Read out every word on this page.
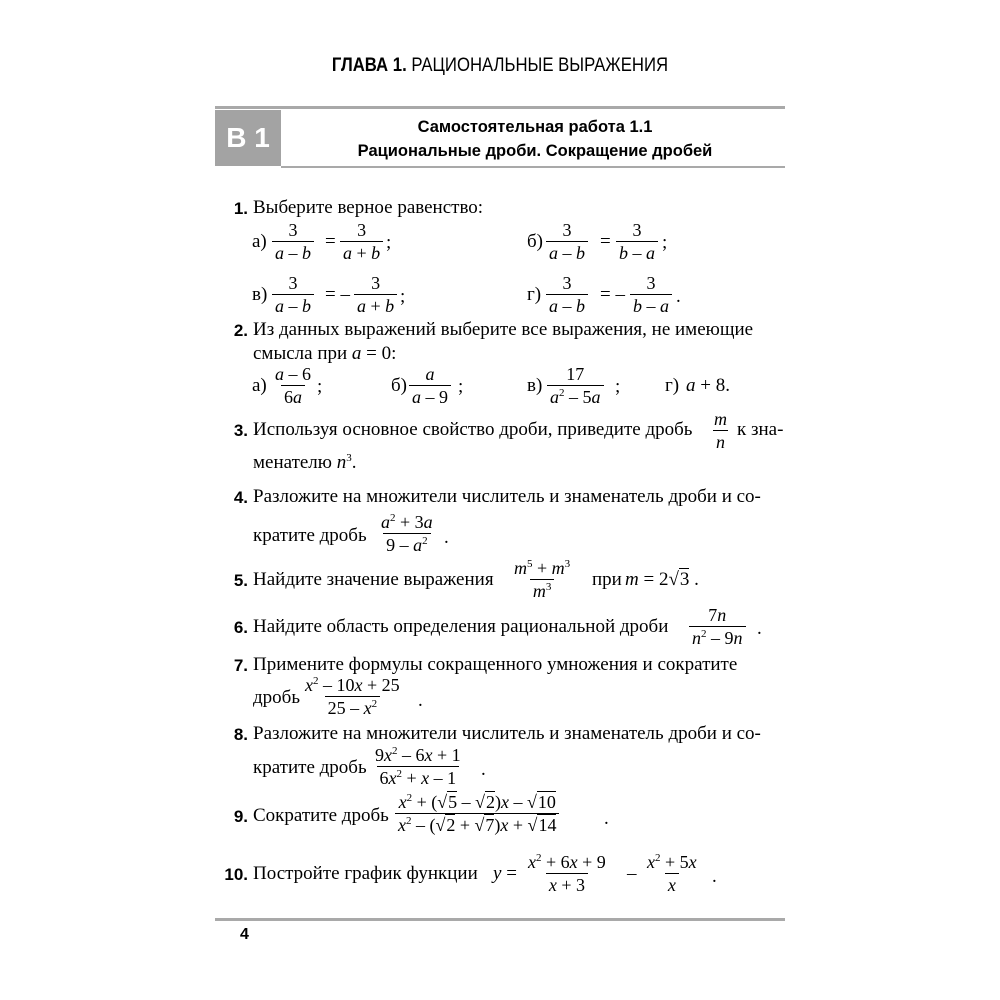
ГЛАВА 1. РАЦИОНАЛЬНЫЕ ВЫРАЖЕНИЯ
В 1	Самостоятельная работа 1.1
Рациональные дроби. Сокращение дробей
1. Выберите верное равенство:
а)
3
a – b
=
3
a + b ;	б)
3
a – b
=
3
b – a ;
в)
3
a – b
= –
3
a + b ;	г)
3
a – b
= –
3
b – a .
2. Из данных выражений выберите все выражения, не имеющие
смысла при a = 0:
а)
a – 6
6a ;	б)
a
a – 9 ;	в)
17
$a^2 - 5a$ ; г) a + 8.
3. Используя основное свойство дроби, приведите дробь m
n
к зна-
менателю $n^3$.
4. Разложите на множители числитель и знаменатель дроби и со-
кратите дробь
$a^2 + 3a$
$9 - a^2$ .
5. Найдите значение выражения
$m^5 + m^3$
$m^3$ при m = 2√3 .
6. Найдите область определения рациональной дроби
7n
$n^2 - 9n$ .
7. Примените формулы сокращенного умножения и сократите
дробь
$x^2 - 10x + 25$
$25 - x^2$ .
8. Разложите на множители числитель и знаменатель дроби и со-
кратите дробь
$9x^2 - 6x + 1$
$6x^2 + x - 1$ .
9. Сократите дробь
$x^2 + (√5 - √2)x - √10$
$x^2 - (√2 + √7)x + √14$	.
10. Постройте график функции y =
$x^2 + 6x + 9$
x + 3
–
$x^2 + 5x$
x .
4
